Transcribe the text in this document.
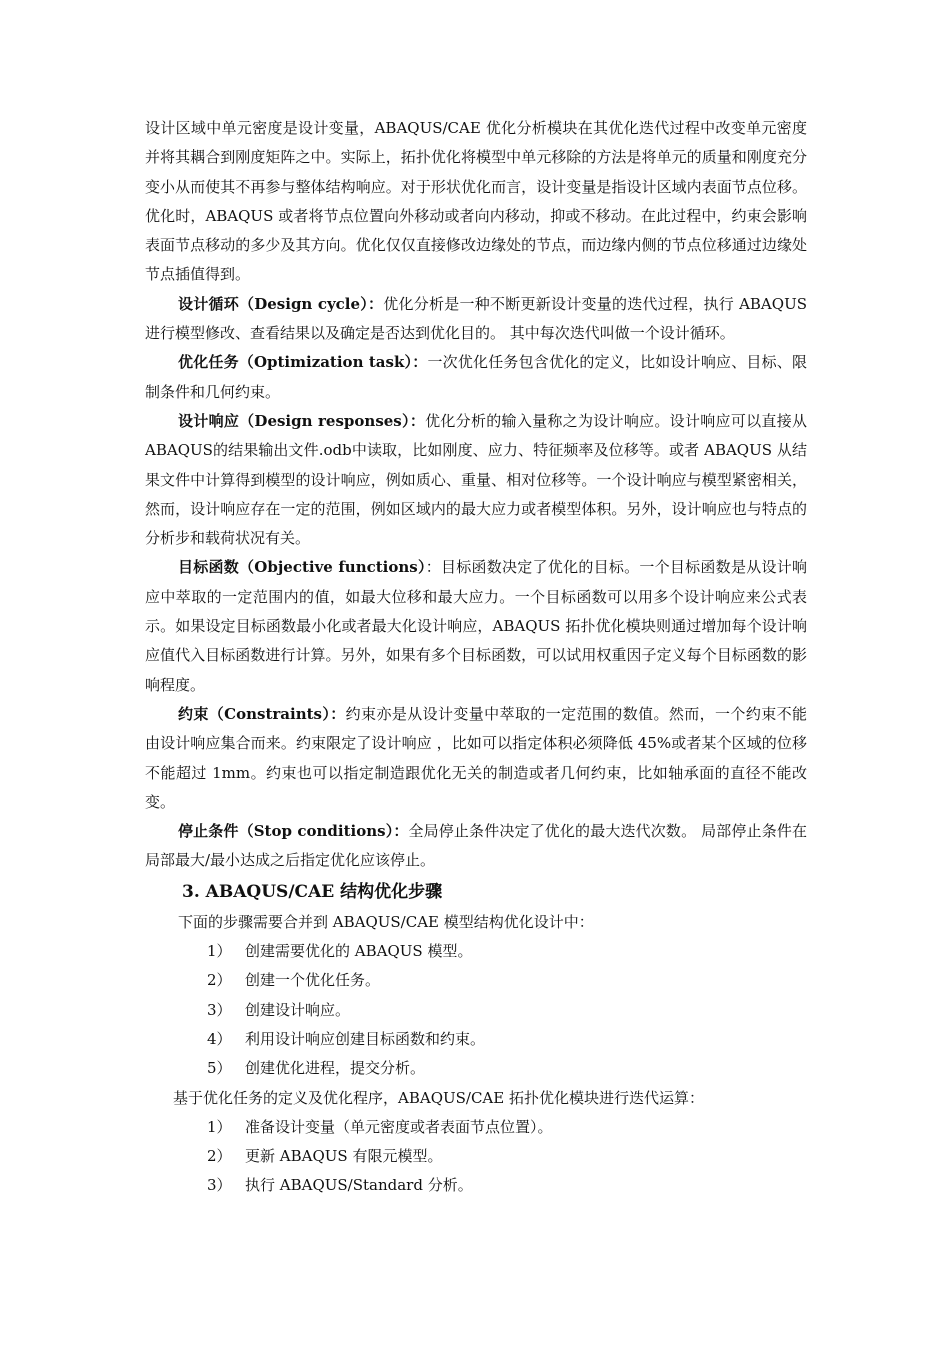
设计区域中单元密度是设计变量，ABAQUS/CAE 优化分析模块在其优化迭代过程中改变单元密度并将其耦合到刚度矩阵之中。实际上，拓扑优化将模型中单元移除的方法是将单元的质量和刚度充分变小从而使其不再参与整体结构响应。对于形状优化而言，设计变量是指设计区域内表面节点位移。优化时，ABAQUS 或者将节点位置向外移动或者向内移动，抑或不移动。在此过程中，约束会影响表面节点移动的多少及其方向。优化仅仅直接修改边缘处的节点，而边缘内侧的节点位移通过边缘处节点插值得到。

设计循环（Design cycle）：优化分析是一种不断更新设计变量的迭代过程，执行 ABAQUS 进行模型修改、查看结果以及确定是否达到优化目的。 其中每次迭代叫做一个设计循环。

优化任务（Optimization task）：一次优化任务包含优化的定义，比如设计响应、目标、限制条件和几何约束。

设计响应（Design responses）：优化分析的输入量称之为设计响应。设计响应可以直接从ABAQUS的结果输出文件.odb中读取，比如刚度、应力、特征频率及位移等。或者 ABAQUS 从结果文件中计算得到模型的设计响应，例如质心、重量、相对位移等。一个设计响应与模型紧密相关，然而，设计响应存在一定的范围，例如区域内的最大应力或者模型体积。另外，设计响应也与特点的分析步和载荷状况有关。

目标函数（Objective functions）：目标函数决定了优化的目标。一个目标函数是从设计响应中萃取的一定范围内的值，如最大位移和最大应力。一个目标函数可以用多个设计响应来公式表示。如果设定目标函数最小化或者最大化设计响应，ABAQUS 拓扑优化模块则通过增加每个设计响应值代入目标函数进行计算。另外，如果有多个目标函数，可以试用权重因子定义每个目标函数的影响程度。

约束（Constraints）：约束亦是从设计变量中萃取的一定范围的数值。然而，一个约束不能由设计响应集合而来。约束限定了设计响应 ，比如可以指定体积必须降低 45%或者某个区域的位移不能超过 1mm。约束也可以指定制造跟优化无关的制造或者几何约束，比如轴承面的直径不能改变。

停止条件（Stop conditions）：全局停止条件决定了优化的最大迭代次数。 局部停止条件在局部最大/最小达成之后指定优化应该停止。

3. ABAQUS/CAE 结构优化步骤
下面的步骤需要合并到 ABAQUS/CAE 模型结构优化设计中：
1） 创建需要优化的 ABAQUS 模型。
2） 创建一个优化任务。
3） 创建设计响应。
4） 利用设计响应创建目标函数和约束。
5） 创建优化进程，提交分析。
基于优化任务的定义及优化程序，ABAQUS/CAE 拓扑优化模块进行迭代运算：
1） 准备设计变量（单元密度或者表面节点位置）。
2） 更新 ABAQUS 有限元模型。
3） 执行 ABAQUS/Standard 分析。
